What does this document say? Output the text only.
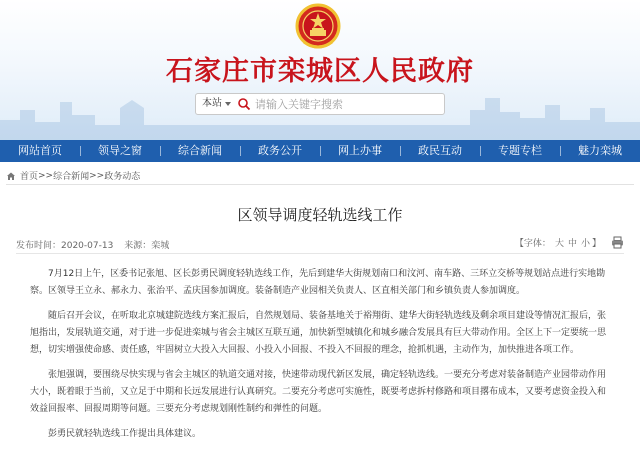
石家庄市栾城区人民政府
本站
请输入关键字搜索
网站首页	领导之窗	综合新闻	政务公开	网上办事	政民互动	专题专栏	魅力栾城
首页 >> 综合新闻 >> 政务动态
区领导调度轻轨选线工作
发布时间：2020-07-13 来源：栾城	【字体： 大 中 小 】

7月12日上午，区委书记张旭、区长彭勇民调度轻轨选线工作，先后到建华大街规划南口和汶河、南车路、三环立交桥等规划站点进行实地勘察。区领导王立永、郝永力、张治平、孟庆国参加调度。装备制造产业园相关负责人、区直相关部门和乡镇负责人参加调度。

随后召开会议，在听取北京城建院选线方案汇报后，自然规划局、装备基地关于裕翔街、建华大街轻轨选线及剩余项目建设等情况汇报后，张旭指出，发展轨道交通，对于进一步促进栾城与省会主城区互联互通，加快新型城镇化和城乡融合发展具有巨大带动作用。全区上下一定要统一思想，切实增强使命感、责任感，牢固树立大投入大回报、小投入小回报、不投入不回报的理念，抢抓机遇，主动作为，加快推进各项工作。

张旭强调，要围绕尽快实现与省会主城区的轨道交通对接，快速带动现代新区发展，确定轻轨选线。一要充分考虑对装备制造产业园带动作用大小，既着眼于当前，又立足于中期和长远发展进行认真研究。二要充分考虑可实施性，既要考虑拆村修路和项目撂布成本，又要考虑资金投入和效益回报率、回报周期等问题。三要充分考虑规划刚性制约和弹性的问题。

彭勇民就轻轨选线工作提出具体建议。
